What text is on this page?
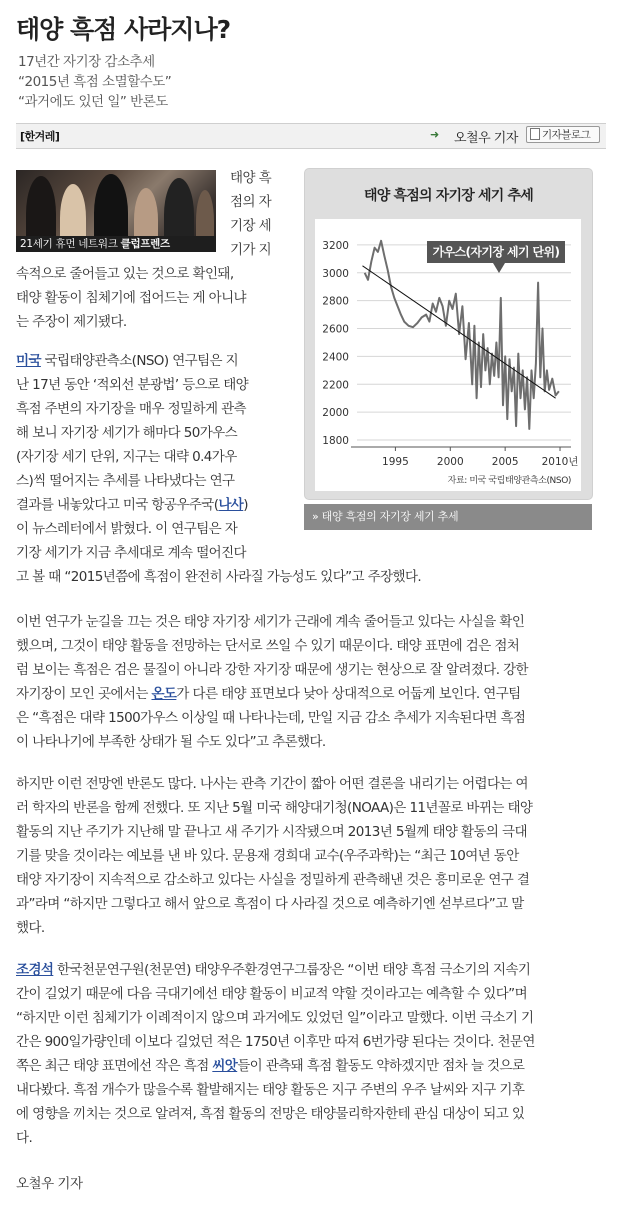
태양 흑점 사라지나?
17년간 자기장 감소추세
“2015년 흑점 소멸할수도”
“과거에도 있던 일” 반론도
[한겨레]	➜ 오철우 기자	기자블로그
21세기 휴먼 네트워크 클럽프렌즈
태양 흑점의 자기장 세기 추세
3200
3000
2800
2600
2400
2200
2000
1800
1995	2000	2005 2010년
가우스(자기장 세기 단위)
자료: 미국 국립태양관측소(NSO)
» 태양 흑점의 자기장 세기 추세
태양 흑
점의 자
기장 세
기가 지
속적으로 줄어들고 있는 것으로 확인돼,
태양 활동이 침체기에 접어드는 게 아니냐
는 주장이 제기됐다.
미국 국립태양관측소(NSO) 연구팀은 지
난 17년 동안 ‘적외선 분광법’ 등으로 태양
흑점 주변의 자기장을 매우 정밀하게 관측
해 보니 자기장 세기가 해마다 50가우스
(자기장 세기 단위, 지구는 대략 0.4가우
스)씩 떨어지는 추세를 나타냈다는 연구
결과를 내놓았다고 미국 항공우주국(나사)
이 뉴스레터에서 밝혔다. 이 연구팀은 자
기장 세기가 지금 추세대로 계속 떨어진다
고 볼 때 “2015년쯤에 흑점이 완전히 사라질 가능성도 있다”고 주장했다.
이번 연구가 눈길을 끄는 것은 태양 자기장 세기가 근래에 계속 줄어들고 있다는 사실을 확인
했으며, 그것이 태양 활동을 전망하는 단서로 쓰일 수 있기 때문이다. 태양 표면에 검은 점처
럼 보이는 흑점은 검은 물질이 아니라 강한 자기장 때문에 생기는 현상으로 잘 알려졌다. 강한
자기장이 모인 곳에서는 온도가 다른 태양 표면보다 낮아 상대적으로 어둡게 보인다. 연구팀
은 “흑점은 대략 1500가우스 이상일 때 나타나는데, 만일 지금 감소 추세가 지속된다면 흑점
이 나타나기에 부족한 상태가 될 수도 있다”고 추론했다.
하지만 이런 전망엔 반론도 많다. 나사는 관측 기간이 짧아 어떤 결론을 내리기는 어렵다는 여
러 학자의 반론을 함께 전했다. 또 지난 5월 미국 해양대기청(NOAA)은 11년꼴로 바뀌는 태양
활동의 지난 주기가 지난해 말 끝나고 새 주기가 시작됐으며 2013년 5월께 태양 활동의 극대
기를 맞을 것이라는 예보를 낸 바 있다. 문용재 경희대 교수(우주과학)는 “최근 10여년 동안
태양 자기장이 지속적으로 감소하고 있다는 사실을 정밀하게 관측해낸 것은 흥미로운 연구 결
과”라며 “하지만 그렇다고 해서 앞으로 흑점이 다 사라질 것으로 예측하기엔 섣부르다”고 말
했다.
조경석 한국천문연구원(천문연) 태양우주환경연구그룹장은 “이번 태양 흑점 극소기의 지속기
간이 길었기 때문에 다음 극대기에선 태양 활동이 비교적 약할 것이라고는 예측할 수 있다”며
“하지만 이런 침체기가 이례적이지 않으며 과거에도 있었던 일”이라고 말했다. 이번 극소기 기
간은 900일가량인데 이보다 길었던 적은 1750년 이후만 따져 6번가량 된다는 것이다. 천문연
쪽은 최근 태양 표면에선 작은 흑점 씨앗들이 관측돼 흑점 활동도 약하겠지만 점차 늘 것으로
내다봤다. 흑점 개수가 많을수록 활발해지는 태양 활동은 지구 주변의 우주 날씨와 지구 기후
에 영향을 끼치는 것으로 알려져, 흑점 활동의 전망은 태양물리학자한테 관심 대상이 되고 있
다.
오철우 기자
